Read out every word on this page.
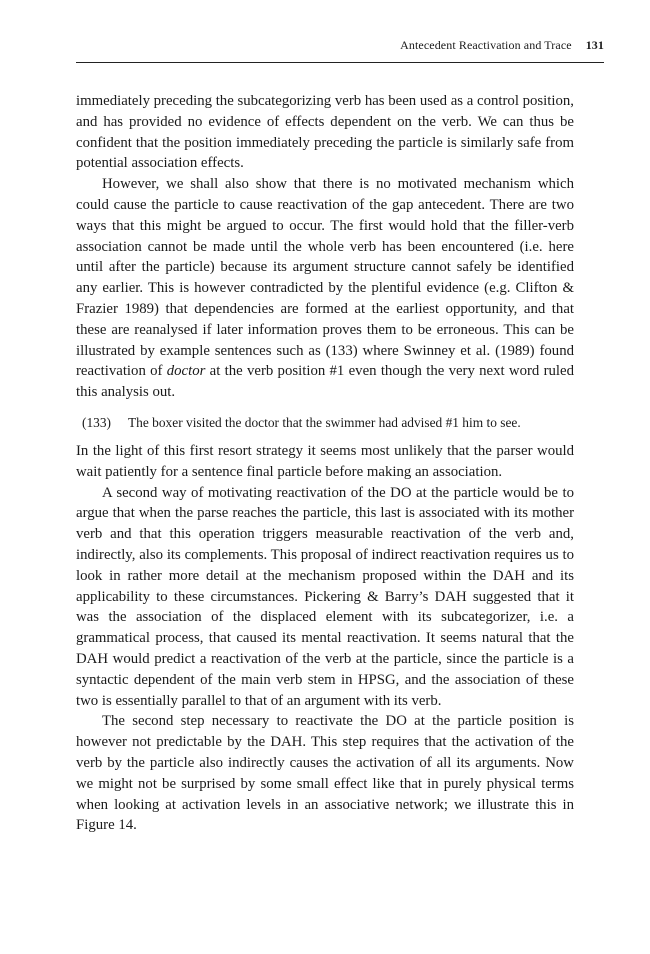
Antecedent Reactivation and Trace 131

immediately preceding the subcategorizing verb has been used as a control position, and has provided no evidence of effects dependent on the verb. We can thus be confident that the position immediately preceding the particle is similarly safe from potential association effects.

However, we shall also show that there is no motivated mechanism which could cause the particle to cause reactivation of the gap antecedent. There are two ways that this might be argued to occur. The first would hold that the filler-verb association cannot be made until the whole verb has been encountered (i.e. here until after the particle) because its argument structure cannot safely be identified any earlier. This is however contradicted by the plentiful evidence (e.g. Clifton & Frazier 1989) that dependencies are formed at the earliest opportunity, and that these are reanalysed if later information proves them to be erroneous. This can be illustrated by example sentences such as (133) where Swinney et al. (1989) found reactivation of doctor at the verb position #1 even though the very next word ruled this analysis out.

(133)	The boxer visited the doctor that the swimmer had advised #1 him to see.

In the light of this first resort strategy it seems most unlikely that the parser would wait patiently for a sentence final particle before making an association.

A second way of motivating reactivation of the DO at the particle would be to argue that when the parse reaches the particle, this last is associated with its mother verb and that this operation triggers measurable reactivation of the verb and, indirectly, also its complements. This proposal of indirect reactivation requires us to look in rather more detail at the mechanism proposed within the DAH and its applicability to these circumstances. Pickering & Barry’s DAH suggested that it was the association of the displaced element with its subcategorizer, i.e. a grammatical process, that caused its mental reactivation. It seems natural that the DAH would predict a reactivation of the verb at the particle, since the particle is a syntactic dependent of the main verb stem in HPSG, and the association of these two is essentially parallel to that of an argument with its verb.

The second step necessary to reactivate the DO at the particle position is however not predictable by the DAH. This step requires that the activation of the verb by the particle also indirectly causes the activation of all its arguments. Now we might not be surprised by some small effect like that in purely physical terms when looking at activation levels in an associative network; we illustrate this in Figure 14.
